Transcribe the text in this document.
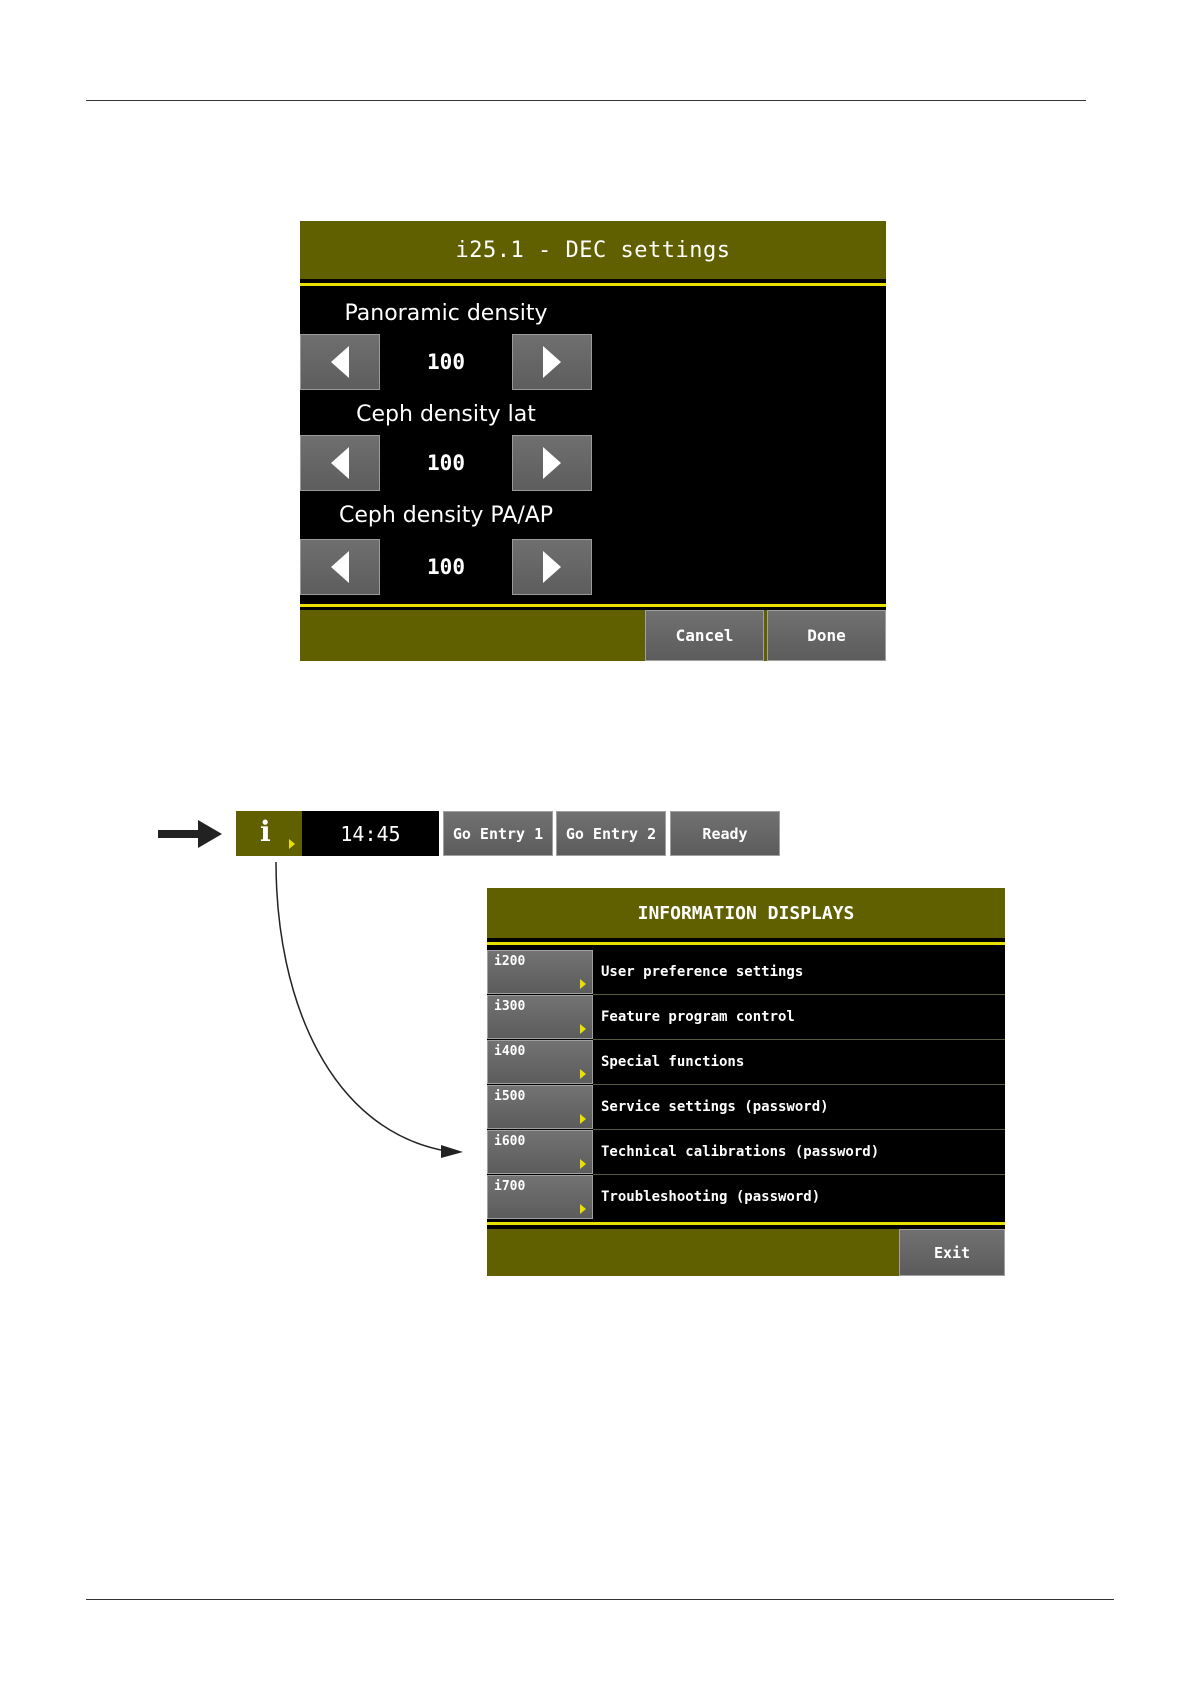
i25.1 - DEC settings
Panoramic density
100
Ceph density lat
100
Ceph density PA/AP
100
Cancel	Done
i	14:45	Go Entry 1	Go Entry 2	Ready
INFORMATION DISPLAYS
i200
User preference settings
i300
Feature program control
i400
Special functions
i500
Service settings (password)
i600
Technical calibrations (password)
i700
Troubleshooting (password)
Exit
